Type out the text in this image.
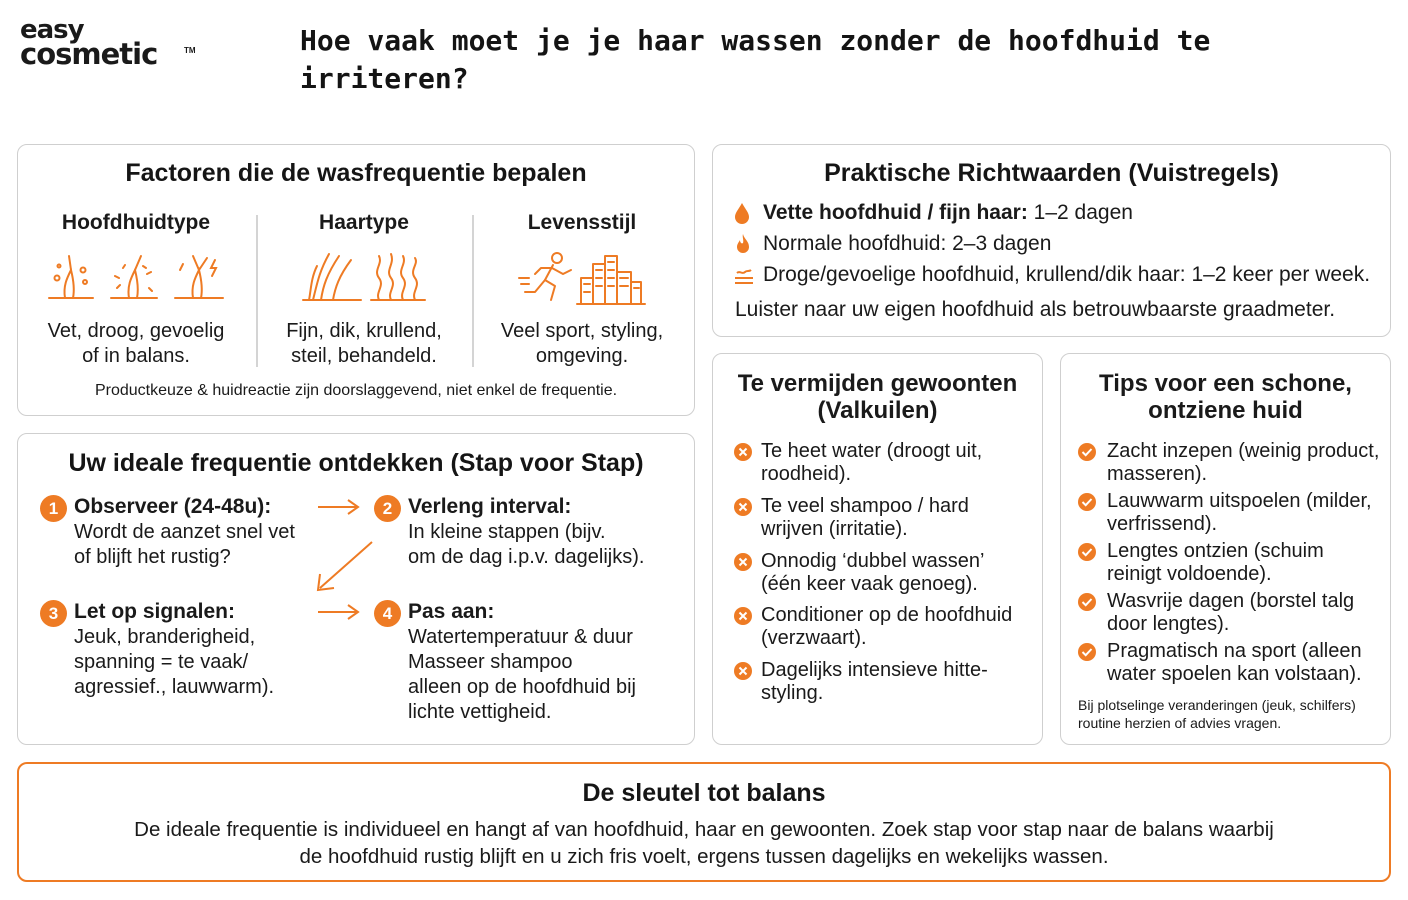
easy
cosmetic	TM	Hoe vaak moet je je haar wassen zonder de hoofdhuid te irriteren?
Factoren die de wasfrequentie bepalen
Hoofdhuidtype
Vet, droog, gevoelig
of in balans.
Haartype
Fijn, dik, krullend,
steil, behandeld.
Levensstijl
Veel sport, styling,
omgeving.
Productkeuze & huidreactie zijn doorslaggevend, niet enkel de frequentie.
Praktische Richtwaarden (Vuistregels)
Vette hoofdhuid / fijn haar: 1–2 dagen
Normale hoofdhuid: 2–3 dagen
Droge/gevoelige hoofdhuid, krullend/dik haar: 1–2 keer per week.
Luister naar uw eigen hoofdhuid als betrouwbaarste graadmeter.
Uw ideale frequentie ontdekken (Stap voor Stap)
1 Observeer (24-48u):
Wordt de aanzet snel vet
of blijft het rustig?
2 Verleng interval:
In kleine stappen (bijv.
om de dag i.p.v. dagelijks).
3 Let op signalen:
Jeuk, branderigheid,
spanning = te vaak/
agressief., lauwwarm).
4 Pas aan:
Watertemperatuur & duur
Masseer shampoo
alleen op de hoofdhuid bij
lichte vettigheid.
Te vermijden gewoonten
(Valkuilen)
Te heet water (droogt uit,
roodheid).
Te veel shampoo / hard
wrijven (irritatie).
Onnodig ‘dubbel wassen’
(één keer vaak genoeg).
Conditioner op de hoofdhuid
(verzwaart).
Dagelijks intensieve hitte-
styling.
Tips voor een schone,
ontziene huid
Zacht inzepen (weinig product,
masseren).
Lauwwarm uitspoelen (milder,
verfrissend).
Lengtes ontzien (schuim
reinigt voldoende).
Wasvrije dagen (borstel talg
door lengtes).
Pragmatisch na sport (alleen
water spoelen kan volstaan).
Bij plotselinge veranderingen (jeuk, schilfers)
routine herzien of advies vragen.
De sleutel tot balans
De ideale frequentie is individueel en hangt af van hoofdhuid, haar en gewoonten. Zoek stap voor stap naar de balans waarbij
de hoofdhuid rustig blijft en u zich fris voelt, ergens tussen dagelijks en wekelijks wassen.
